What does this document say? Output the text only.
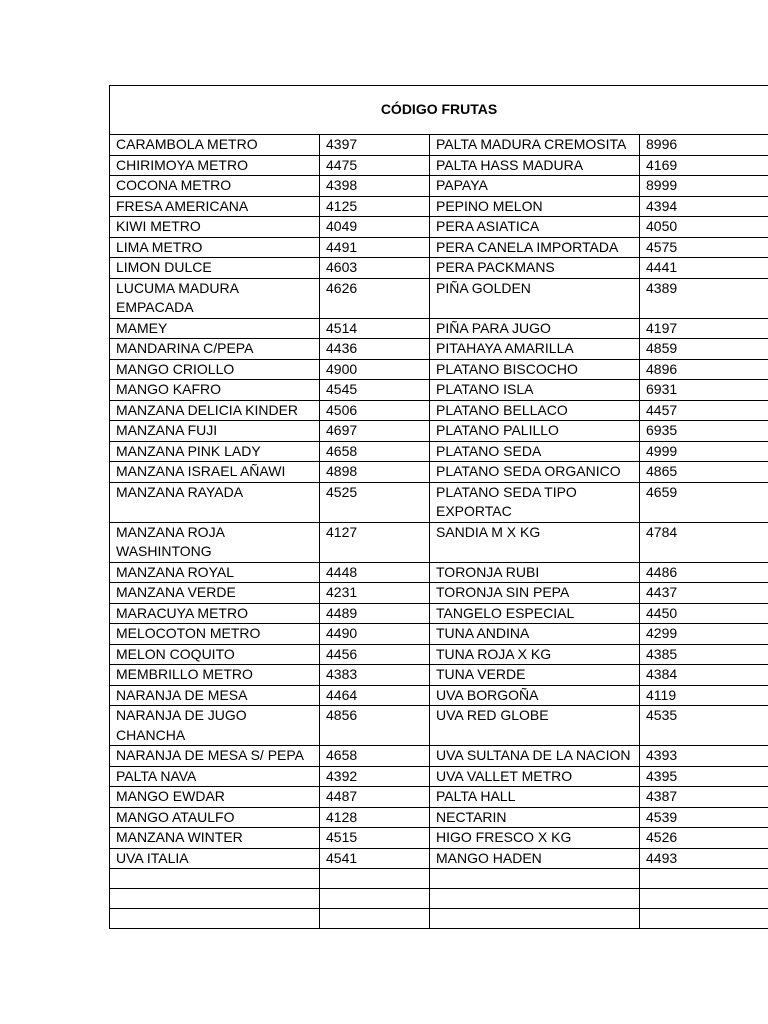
CÓDIGO FRUTAS			
CARAMBOLA METRO	4397	PALTA MADURA CREMOSITA	8996
CHIRIMOYA METRO	4475	PALTA HASS MADURA	4169
COCONA METRO	4398	PAPAYA	8999
FRESA AMERICANA	4125	PEPINO MELON	4394
KIWI METRO	4049	PERA ASIATICA	4050
LIMA METRO	4491	PERA CANELA IMPORTADA	4575
LIMON DULCE	4603	PERA PACKMANS	4441
LUCUMA MADURA EMPACADA	4626	PIÑA GOLDEN	4389
MAMEY	4514	PIÑA PARA JUGO	4197
MANDARINA C/PEPA	4436	PITAHAYA AMARILLA	4859
MANGO CRIOLLO	4900	PLATANO BISCOCHO	4896
MANGO KAFRO	4545	PLATANO ISLA	6931
MANZANA DELICIA KINDER	4506	PLATANO BELLACO	4457
MANZANA FUJI	4697	PLATANO PALILLO	6935
MANZANA PINK LADY	4658	PLATANO SEDA	4999
MANZANA ISRAEL AÑAWI	4898	PLATANO SEDA ORGANICO	4865
MANZANA RAYADA	4525	PLATANO SEDA TIPO EXPORTAC	4659
MANZANA ROJA WASHINTONG	4127	SANDIA M X KG	4784
MANZANA ROYAL	4448	TORONJA RUBI	4486
MANZANA VERDE	4231	TORONJA SIN PEPA	4437
MARACUYA METRO	4489	TANGELO ESPECIAL	4450
MELOCOTON METRO	4490	TUNA ANDINA	4299
MELON COQUITO	4456	TUNA ROJA X KG	4385
MEMBRILLO METRO	4383	TUNA VERDE	4384
NARANJA DE MESA	4464	UVA BORGOÑA	4119
NARANJA DE JUGO CHANCHA	4856	UVA RED GLOBE	4535
NARANJA DE MESA S/ PEPA	4658	UVA SULTANA DE LA NACION	4393
PALTA NAVA	4392	UVA VALLET METRO	4395
MANGO EWDAR	4487	PALTA HALL	4387
MANGO ATAULFO	4128	NECTARIN	4539
MANZANA WINTER	4515	HIGO FRESCO X KG	4526
UVA ITALIA	4541	MANGO HADEN	4493
